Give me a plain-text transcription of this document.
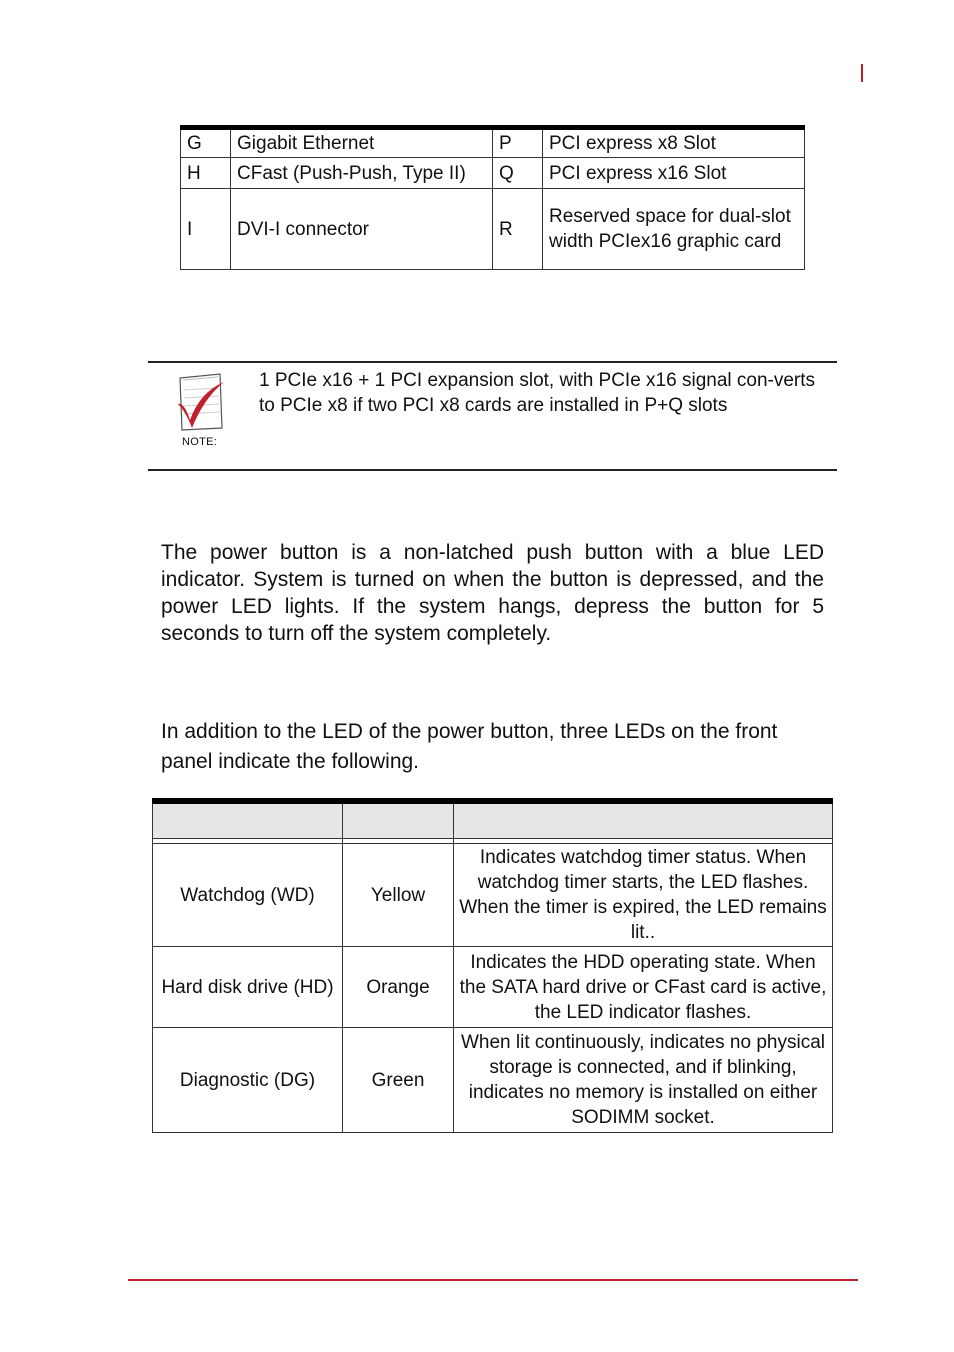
G	Gigabit Ethernet	P	PCI express x8 Slot
H	CFast (Push-Push, Type II)	Q	PCI express x16 Slot
I	DVI-I connector	R	Reserved space for dual-slot width PCIex16 graphic card
NOTE:
1 PCIe x16 + 1 PCI expansion slot, with PCIe x16 signal con-verts to PCIe x8 if two PCI x8 cards are installed in P+Q slots
The power button is a non-latched push button with a blue LED indicator. System is turned on when the button is depressed, and the power LED lights. If the system hangs, depress the button for 5 seconds to turn off the system completely.
In addition to the LED of the power button, three LEDs on the front panel indicate the following.

Watchdog (WD)	Yellow	Indicates watchdog timer status. When watchdog timer starts, the LED flashes. When the timer is expired, the LED remains lit..
Hard disk drive (HD)	Orange	Indicates the HDD operating state. When the SATA hard drive or CFast card is active, the LED indicator flashes.
Diagnostic (DG)	Green	When lit continuously, indicates no physical storage is connected, and if blinking, indicates no memory is installed on either SODIMM socket.
